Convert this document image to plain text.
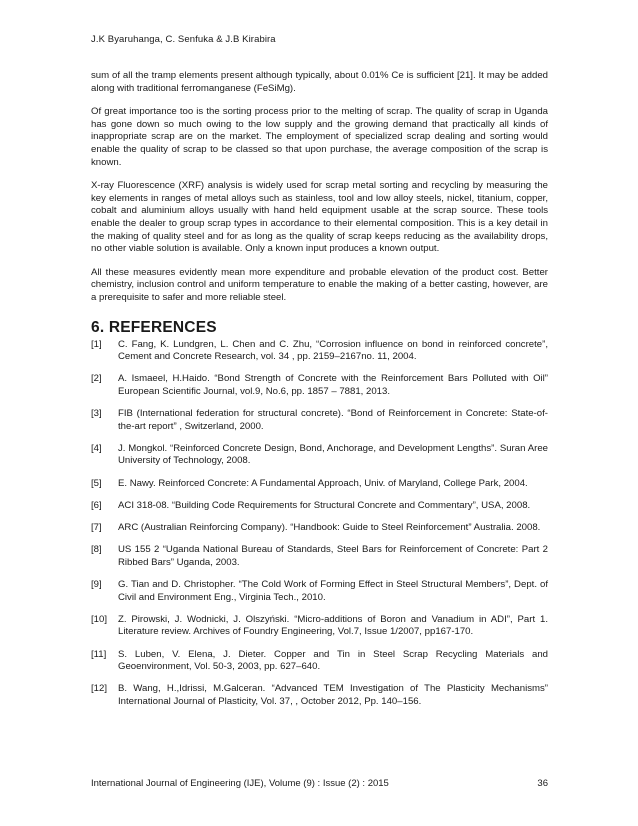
J.K Byaruhanga, C. Senfuka & J.B Kirabira

sum of all the tramp elements present although typically, about 0.01% Ce is sufficient [21]. It may be added along with traditional ferromanganese (FeSiMg).

Of great importance too is the sorting process prior to the melting of scrap. The quality of scrap in Uganda has gone down so much owing to the low supply and the growing demand that practically all kinds of inappropriate scrap are on the market. The employment of specialized scrap dealing and sorting would enable the quality of scrap to be classed so that upon purchase, the average composition of the scrap is known.

X-ray Fluorescence (XRF) analysis is widely used for scrap metal sorting and recycling by measuring the key elements in ranges of metal alloys such as stainless, tool and low alloy steels, nickel, titanium, copper, cobalt and aluminium alloys usually with hand held equipment usable at the scrap source. These tools enable the dealer to group scrap types in accordance to their elemental composition. This is a key detail in the making of quality steel and for as long as the quality of scrap keeps reducing as the availability drops, no other viable solution is available. Only a known input produces a known output.

All these measures evidently mean more expenditure and probable elevation of the product cost. Better chemistry, inclusion control and uniform temperature to enable the making of a better casting, however, are a prerequisite to safer and more reliable steel.

6. REFERENCES
[1]	C. Fang, K. Lundgren, L. Chen and C. Zhu, “Corrosion influence on bond in reinforced concrete”, Cement and Concrete Research, vol. 34 , pp. 2159–2167no. 11, 2004.
[2]	A. Ismaeel, H.Haido. “Bond Strength of Concrete with the Reinforcement Bars Polluted with Oil” European Scientific Journal, vol.9, No.6, pp. 1857 – 7881, 2013.
[3]	FIB (International federation for structural concrete). “Bond of Reinforcement in Concrete: State-of-the-art report” , Switzerland, 2000.
[4]	J. Mongkol. “Reinforced Concrete Design, Bond, Anchorage, and Development Lengths”. Suran Aree University of Technology, 2008.
[5]	E. Nawy. Reinforced Concrete: A Fundamental Approach, Univ. of Maryland, College Park, 2004.
[6]	ACI 318-08. “Building Code Requirements for Structural Concrete and Commentary”, USA, 2008.
[7]	ARC (Australian Reinforcing Company). “Handbook: Guide to Steel Reinforcement” Australia. 2008.
[8]	US 155 2 “Uganda National Bureau of Standards, Steel Bars for Reinforcement of Concrete: Part 2 Ribbed Bars” Uganda, 2003.
[9]	G. Tian and D. Christopher. “The Cold Work of Forming Effect in Steel Structural Members”, Dept. of Civil and Environment Eng., Virginia Tech., 2010.
[10]	Z. Pirowski, J. Wodnicki, J. Olszyński. “Micro-additions of Boron and Vanadium in ADI”, Part 1. Literature review. Archives of Foundry Engineering, Vol.7, Issue 1/2007, pp167-170.
[11]	S. Luben, V. Elena, J. Dieter. Copper and Tin in Steel Scrap Recycling Materials and Geoenvironment, Vol. 50-3, 2003, pp. 627–640.
[12]	B. Wang, H.,Idrissi, M.Galceran. “Advanced TEM Investigation of The Plasticity Mechanisms” International Journal of Plasticity, Vol. 37, , October 2012, Pp. 140–156.
International Journal of Engineering (IJE), Volume (9) : Issue (2) : 2015	36
